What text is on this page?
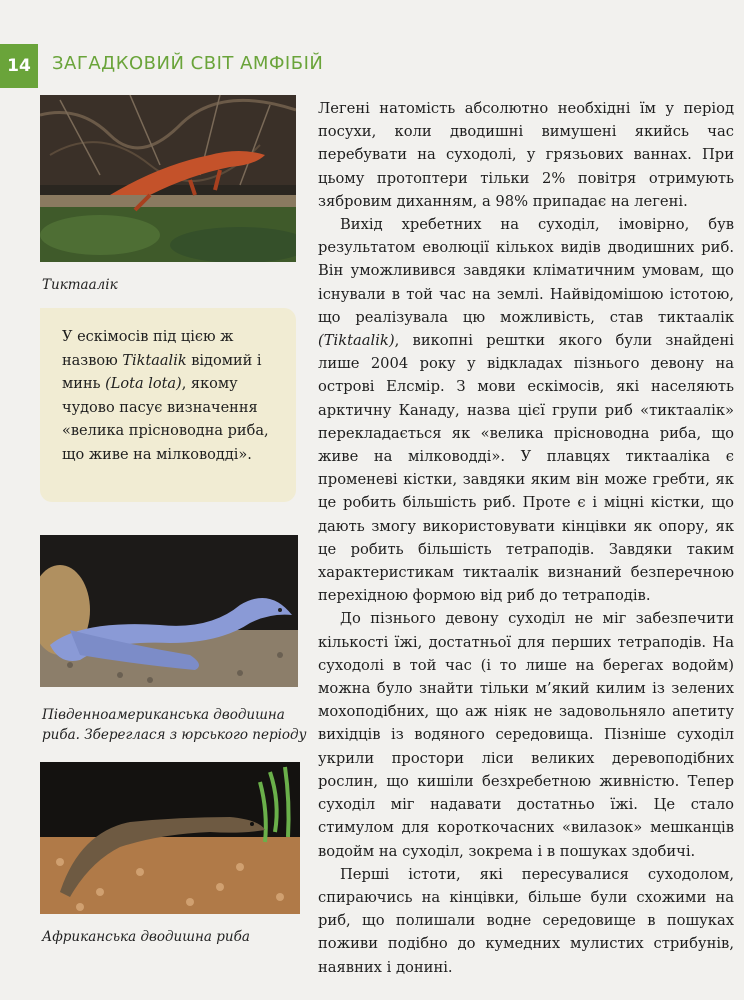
14	ЗАГАДКОВИЙ СВІТ АМФІБІЙ
Тиктаалік
У ескімосів під цією ж назвою Tiktaalik відомий і минь (Lota lota), якому чудово пасує визначення «велика прісноводна риба, що живе на мілководді».
Південноамериканська дводишна
риба. Збереглася з юрського періоду
Африканська дводишна риба

Легені натомість абсолютно необхідні їм у період посухи, коли дводишні вимушені якийсь час перебувати на суходолі, у грязьових ваннах. При цьому протоптери тільки 2% повітря отримують зябровим диханням, а 98% припадає на легені.

Вихід хребетних на суходіл, імовірно, був результатом еволюції кількох видів дводишних риб. Він уможливився завдяки кліматичним умовам, що існували в той час на землі. Найвідомішою істотою, що реалізувала цю можливість, став тиктаалік (Tiktaalik), викопні рештки якого були знайдені лише 2004 року у відкладах пізнього девону на острові Елсмір. З мови ескімосів, які населяють арктичну Канаду, назва цієї групи риб «тиктаалік» перекладається як «велика прісноводна риба, що живе на мілководді». У плавцях тиктааліка є променеві кістки, завдяки яким він може гребти, як це робить більшість риб. Проте є і міцні кістки, що дають змогу використовувати кінцівки як опору, як це робить більшість тетраподів. Завдяки таким характеристикам тиктаалік визнаний безперечною перехідною формою від риб до тетраподів.

До пізнього девону суходіл не міг забезпечити кількості їжі, достатньої для перших тетраподів. На суходолі в той час (і то лише на берегах водойм) можна було знайти тільки м’який килим із зелених мохоподібних, що аж ніяк не задовольняло апетиту вихідців із водяного середовища. Пізніше суходіл укрили простори ліси великих деревоподібних рослин, що кишіли безхребетною живністю. Тепер суходіл міг надавати достатньо їжі. Це стало стимулом для короткочасних «вилазок» мешканців водойм на суходіл, зокрема і в пошуках здобичі.

Перші істоти, які пересувалися суходолом, спираючись на кінцівки, більше були схожими на риб, що полишали водне середовище в пошуках поживи подібно до кумедних мулистих стрибунів, наявних і донині.
